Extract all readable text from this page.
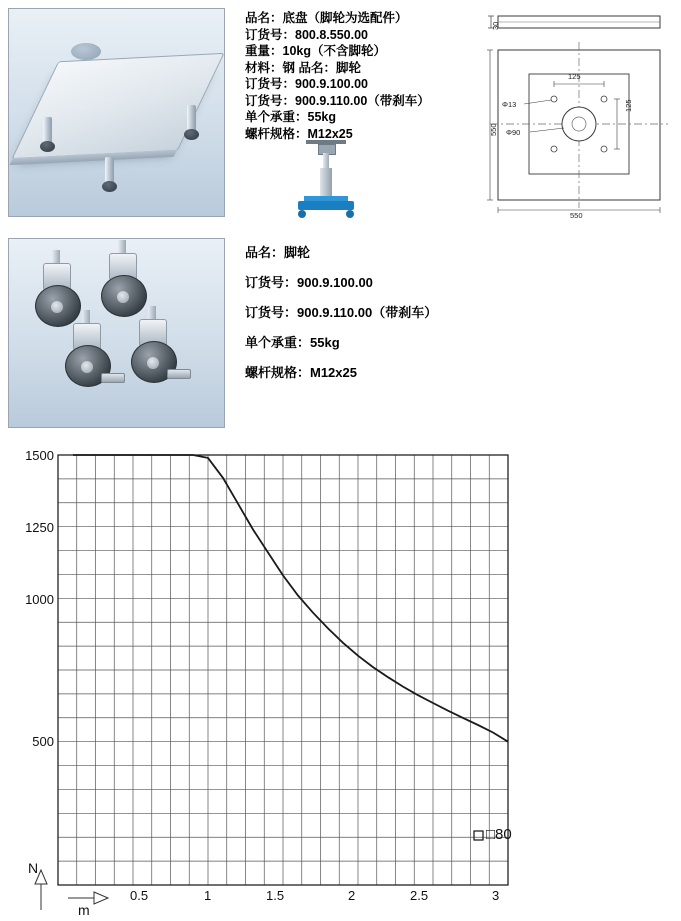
品名：底盘（脚轮为选配件）
订货号：800.8.550.00
重量：10kg（不含脚轮）
材料：钢 品名：脚轮
订货号：900.9.100.00
订货号：900.9.110.00（带刹车）
单个承重：55kg
螺杆规格：M12x25
品名：脚轮
订货号：900.9.100.00
订货号：900.9.110.00（带刹车）
单个承重：55kg
螺杆规格：M12x25
30
550
550
125
125
Φ13
Φ90
1500
1250
1000
500
0.5	1	1.5	2	2.5	3
N
m
□80
